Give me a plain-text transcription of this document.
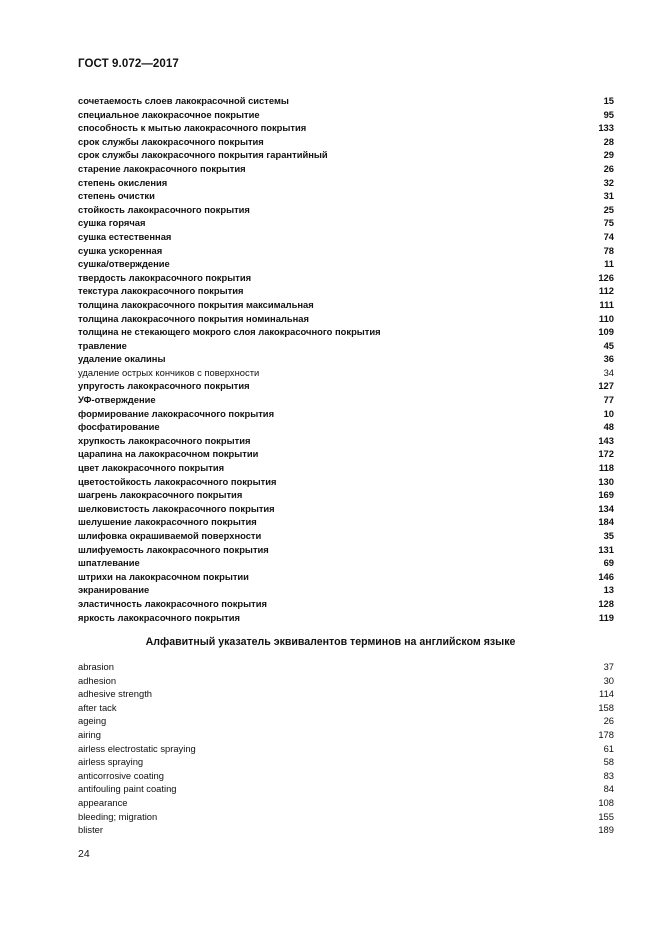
ГОСТ 9.072—2017
сочетаемость слоев лакокрасочной системы	15
специальное лакокрасочное покрытие	95
способность к мытью лакокрасочного покрытия	133
срок службы лакокрасочного покрытия	28
срок службы лакокрасочного покрытия гарантийный	29
старение лакокрасочного покрытия	26
степень окисления	32
степень очистки	31
стойкость лакокрасочного покрытия	25
сушка горячая	75
сушка естественная	74
сушка ускоренная	78
сушка/отверждение	11
твердость лакокрасочного покрытия	126
текстура лакокрасочного покрытия	112
толщина лакокрасочного покрытия максимальная	111
толщина лакокрасочного покрытия номинальная	110
толщина не стекающего мокрого слоя лакокрасочного покрытия	109
травление	45
удаление окалины	36
удаление острых кончиков с поверхности	34
упругость лакокрасочного покрытия	127
УФ-отверждение	77
формирование лакокрасочного покрытия	10
фосфатирование	48
хрупкость лакокрасочного покрытия	143
царапина на лакокрасочном покрытии	172
цвет лакокрасочного покрытия	118
цветостойкость лакокрасочного покрытия	130
шагрень лакокрасочного покрытия	169
шелковистость лакокрасочного покрытия	134
шелушение лакокрасочного покрытия	184
шлифовка окрашиваемой поверхности	35
шлифуемость лакокрасочного покрытия	131
шпатлевание	69
штрихи на лакокрасочном покрытии	146
экранирование	13
эластичность лакокрасочного покрытия	128
яркость лакокрасочного покрытия	119
Алфавитный указатель эквивалентов терминов на английском языке
abrasion	37
adhesion	30
adhesive strength	114
after tack	158
ageing	26
airing	178
airless electrostatic spraying	61
airless spraying	58
anticorrosive coating	83
antifouling paint coating	84
appearance	108
bleeding; migration	155
blister	189
24
